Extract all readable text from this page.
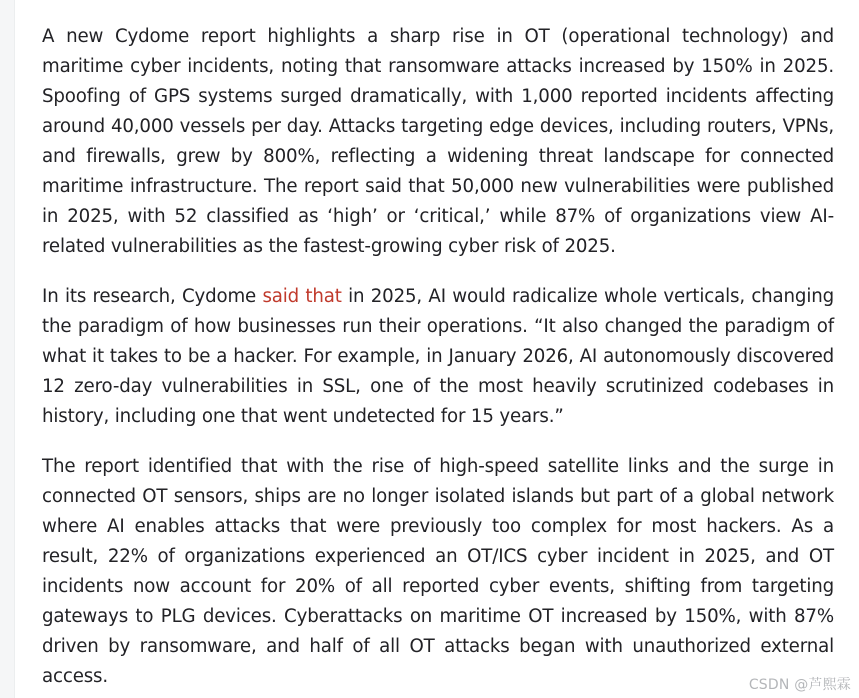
A new Cydome report highlights a sharp rise in OT (operational technology) and maritime cyber incidents, noting that ransomware attacks increased by 150% in 2025. Spoofing of GPS systems surged dramatically, with 1,000 reported incidents affecting around 40,000 vessels per day. Attacks targeting edge devices, including routers, VPNs, and firewalls, grew by 800%, reflecting a widening threat landscape for connected maritime infrastructure. The report said that 50,000 new vulnerabilities were published in 2025, with 52 classified as ‘high’ or ‘critical,’ while 87% of organizations view AI-related vulnerabilities as the fastest-growing cyber risk of 2025.

In its research, Cydome said that in 2025, AI would radicalize whole verticals, changing the paradigm of how businesses run their operations. “It also changed the paradigm of what it takes to be a hacker. For example, in January 2026, AI autonomously discovered 12 zero-day vulnerabilities in SSL, one of the most heavily scrutinized codebases in history, including one that went undetected for 15 years.”

The report identified that with the rise of high-speed satellite links and the surge in connected OT sensors, ships are no longer isolated islands but part of a global network where AI enables attacks that were previously too complex for most hackers. As a result, 22% of organizations experienced an OT/ICS cyber incident in 2025, and OT incidents now account for 20% of all reported cyber events, shifting from targeting gateways to PLG devices. Cyberattacks on maritime OT increased by 150%, with 87% driven by ransomware, and half of all OT attacks began with unauthorized external access.	CSDN @芦熙霖
